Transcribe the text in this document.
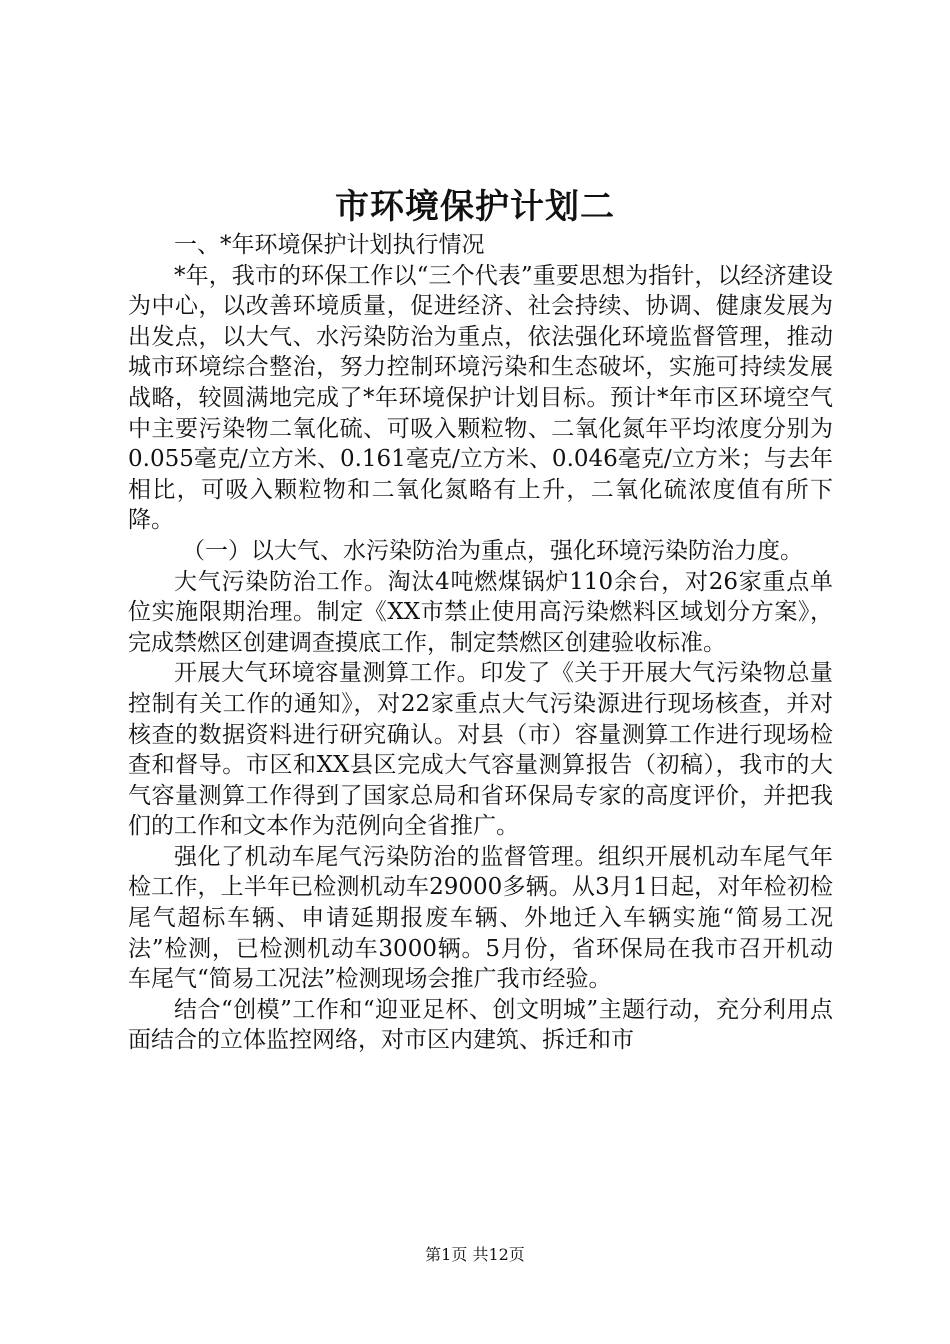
市环境保护计划二

一、*年环境保护计划执行情况

*年，我市的环保工作以“三个代表”重要思想为指针，以经济建设为中心，以改善环境质量，促进经济、社会持续、协调、健康发展为出发点，以大气、水污染防治为重点，依法强化环境监督管理，推动城市环境综合整治，努力控制环境污染和生态破坏，实施可持续发展战略，较圆满地完成了*年环境保护计划目标。预计*年市区环境空气中主要污染物二氧化硫、可吸入颗粒物、二氧化氮年平均浓度分别为0.055毫克/立方米、0.161毫克/立方米、0.046毫克/立方米；与去年相比，可吸入颗粒物和二氧化氮略有上升，二氧化硫浓度值有所下降。

（一）以大气、水污染防治为重点，强化环境污染防治力度。

大气污染防治工作。淘汰4吨燃煤锅炉110余台，对26家重点单位实施限期治理。制定《XX市禁止使用高污染燃料区域划分方案》，完成禁燃区创建调查摸底工作，制定禁燃区创建验收标准。

开展大气环境容量测算工作。印发了《关于开展大气污染物总量控制有关工作的通知》，对22家重点大气污染源进行现场核查，并对核查的数据资料进行研究确认。对县（市）容量测算工作进行现场检查和督导。市区和XX县区完成大气容量测算报告（初稿），我市的大气容量测算工作得到了国家总局和省环保局专家的高度评价，并把我们的工作和文本作为范例向全省推广。

强化了机动车尾气污染防治的监督管理。组织开展机动车尾气年检工作，上半年已检测机动车29000多辆。从3月1日起，对年检初检尾气超标车辆、申请延期报废车辆、外地迁入车辆实施“简易工况法”检测，已检测机动车3000辆。5月份，省环保局在我市召开机动车尾气“简易工况法”检测现场会推广我市经验。

结合“创模”工作和“迎亚足杯、创文明城”主题行动，充分利用点面结合的立体监控网络，对市区内建筑、拆迁和市

第1页 共12页
